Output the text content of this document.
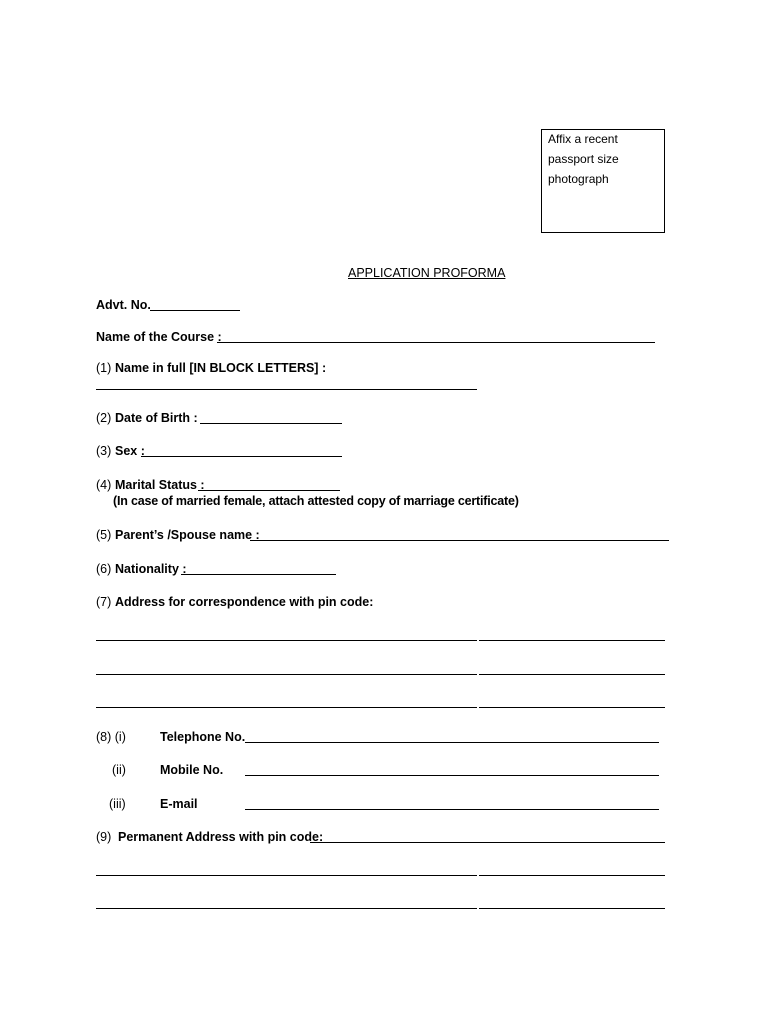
Affix a recent
passport size
photograph
APPLICATION PROFORMA
Advt. No.
Name of the Course :
(1) Name in full [IN BLOCK LETTERS] :
(2) Date of Birth :
(3) Sex :
(4) Marital Status :
(In case of married female, attach attested copy of marriage certificate)
(5) Parent’s /Spouse name :
(6) Nationality :
(7) Address for correspondence with pin code:
(8) (i)	Telephone No.
(ii)	Mobile No.
(iii)	E-mail
(9) Permanent Address with pin code:
